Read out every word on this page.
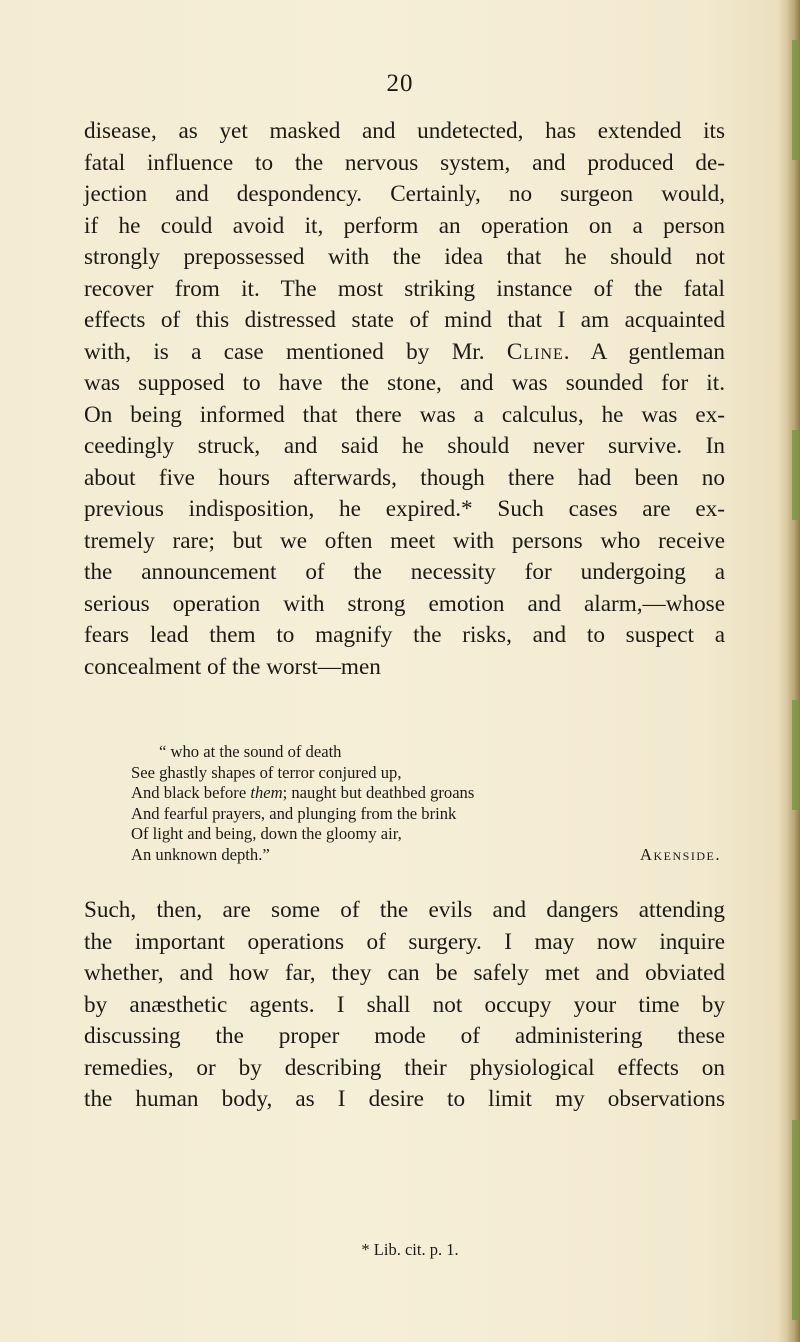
20
disease, as yet masked and undetected, has extended its
fatal influence to the nervous system, and produced de-
jection and despondency. Certainly, no surgeon would,
if he could avoid it, perform an operation on a person
strongly prepossessed with the idea that he should not
recover from it. The most striking instance of the fatal
effects of this distressed state of mind that I am acquainted
with, is a case mentioned by Mr. Cline. A gentleman
was supposed to have the stone, and was sounded for it.
On being informed that there was a calculus, he was ex-
ceedingly struck, and said he should never survive. In
about five hours afterwards, though there had been no
previous indisposition, he expired.* Such cases are ex-
tremely rare; but we often meet with persons who receive
the announcement of the necessity for undergoing a
serious operation with strong emotion and alarm,—whose
fears lead them to magnify the risks, and to suspect a
concealment of the worst—men
“ who at the sound of death
See ghastly shapes of terror conjured up,
And black before them; naught but deathbed groans
And fearful prayers, and plunging from the brink
Of light and being, down the gloomy air,
An unknown depth.”	Akenside.
Such, then, are some of the evils and dangers attending
the important operations of surgery. I may now inquire
whether, and how far, they can be safely met and obviated
by anæsthetic agents. I shall not occupy your time by
discussing the proper mode of administering these
remedies, or by describing their physiological effects on
the human body, as I desire to limit my observations
* Lib. cit. p. 1.
